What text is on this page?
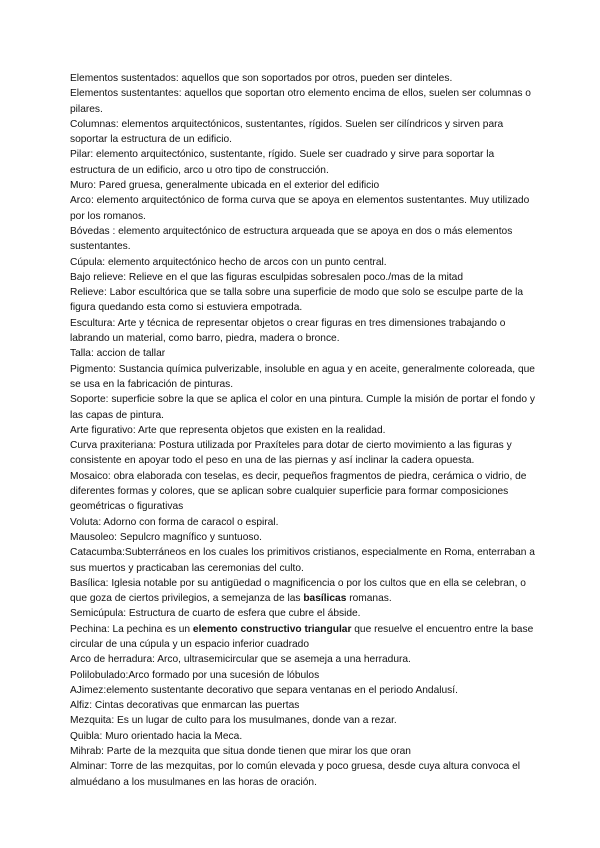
Elementos sustentados: aquellos que son soportados por otros, pueden ser dinteles.

Elementos sustentantes: aquellos que soportan otro elemento encima de ellos, suelen ser columnas o pilares.

Columnas: elementos arquitectónicos, sustentantes, rígidos. Suelen ser cilíndricos y sirven para soportar la estructura de un edificio.

Pilar: elemento arquitectónico, sustentante, rígido. Suele ser cuadrado y sirve para soportar la estructura de un edificio, arco u otro tipo de construcción.

Muro: Pared gruesa, generalmente ubicada en el exterior del edificio

Arco: elemento arquitectónico de forma curva que se apoya en elementos sustentantes. Muy utilizado por los romanos.

Bóvedas : elemento arquitectónico de estructura arqueada que se apoya en dos o más elementos sustentantes.

Cúpula: elemento arquitectónico hecho de arcos con un punto central.

Bajo relieve: Relieve en el que las figuras esculpidas sobresalen poco./mas de la mitad

Relieve: Labor escultórica que se talla sobre una superficie de modo que solo se esculpe parte de la figura quedando esta como si estuviera empotrada.

Escultura: Arte y técnica de representar objetos o crear figuras en tres dimensiones trabajando o labrando un material, como barro, piedra, madera o bronce.

Talla: accion de tallar

Pigmento: Sustancia química pulverizable, insoluble en agua y en aceite, generalmente coloreada, que se usa en la fabricación de pinturas.

Soporte: superficie sobre la que se aplica el color en una pintura. Cumple la misión de portar el fondo y las capas de pintura.

Arte figurativo: Arte que representa objetos que existen en la realidad.

Curva praxiteriana: Postura utilizada por Praxíteles para dotar de cierto movimiento a las figuras y consistente en apoyar todo el peso en una de las piernas y así inclinar la cadera opuesta.

Mosaico: obra elaborada con teselas, es decir, pequeños fragmentos de piedra, cerámica o vidrio, de diferentes formas y colores, que se aplican sobre cualquier superficie para formar composiciones geométricas o figurativas

Voluta: Adorno con forma de caracol o espiral.

Mausoleo: Sepulcro magnífico y suntuoso.

Catacumba:Subterráneos en los cuales los primitivos cristianos, especialmente en Roma, enterraban a sus muertos y practicaban las ceremonias del culto.

Basílica: Iglesia notable por su antigüedad o magnificencia o por los cultos que en ella se celebran, o que goza de ciertos privilegios, a semejanza de las basílicas romanas.

Semicúpula: Estructura de cuarto de esfera que cubre el ábside.

Pechina: La pechina es un elemento constructivo triangular que resuelve el encuentro entre la base circular de una cúpula y un espacio inferior cuadrado

Arco de herradura: Arco, ultrasemicircular que se asemeja a una herradura.

Polilobulado:Arco formado por una sucesión de lóbulos

AJimez:elemento sustentante decorativo que separa ventanas en el periodo Andalusí.

Alfiz: Cintas decorativas que enmarcan las puertas

Mezquita: Es un lugar de culto para los musulmanes, donde van a rezar.

Quibla: Muro orientado hacia la Meca.

Mihrab: Parte de la mezquita que situa donde tienen que mirar los que oran

Alminar: Torre de las mezquitas, por lo común elevada y poco gruesa, desde cuya altura convoca el almuédano a los musulmanes en las horas de oración.
